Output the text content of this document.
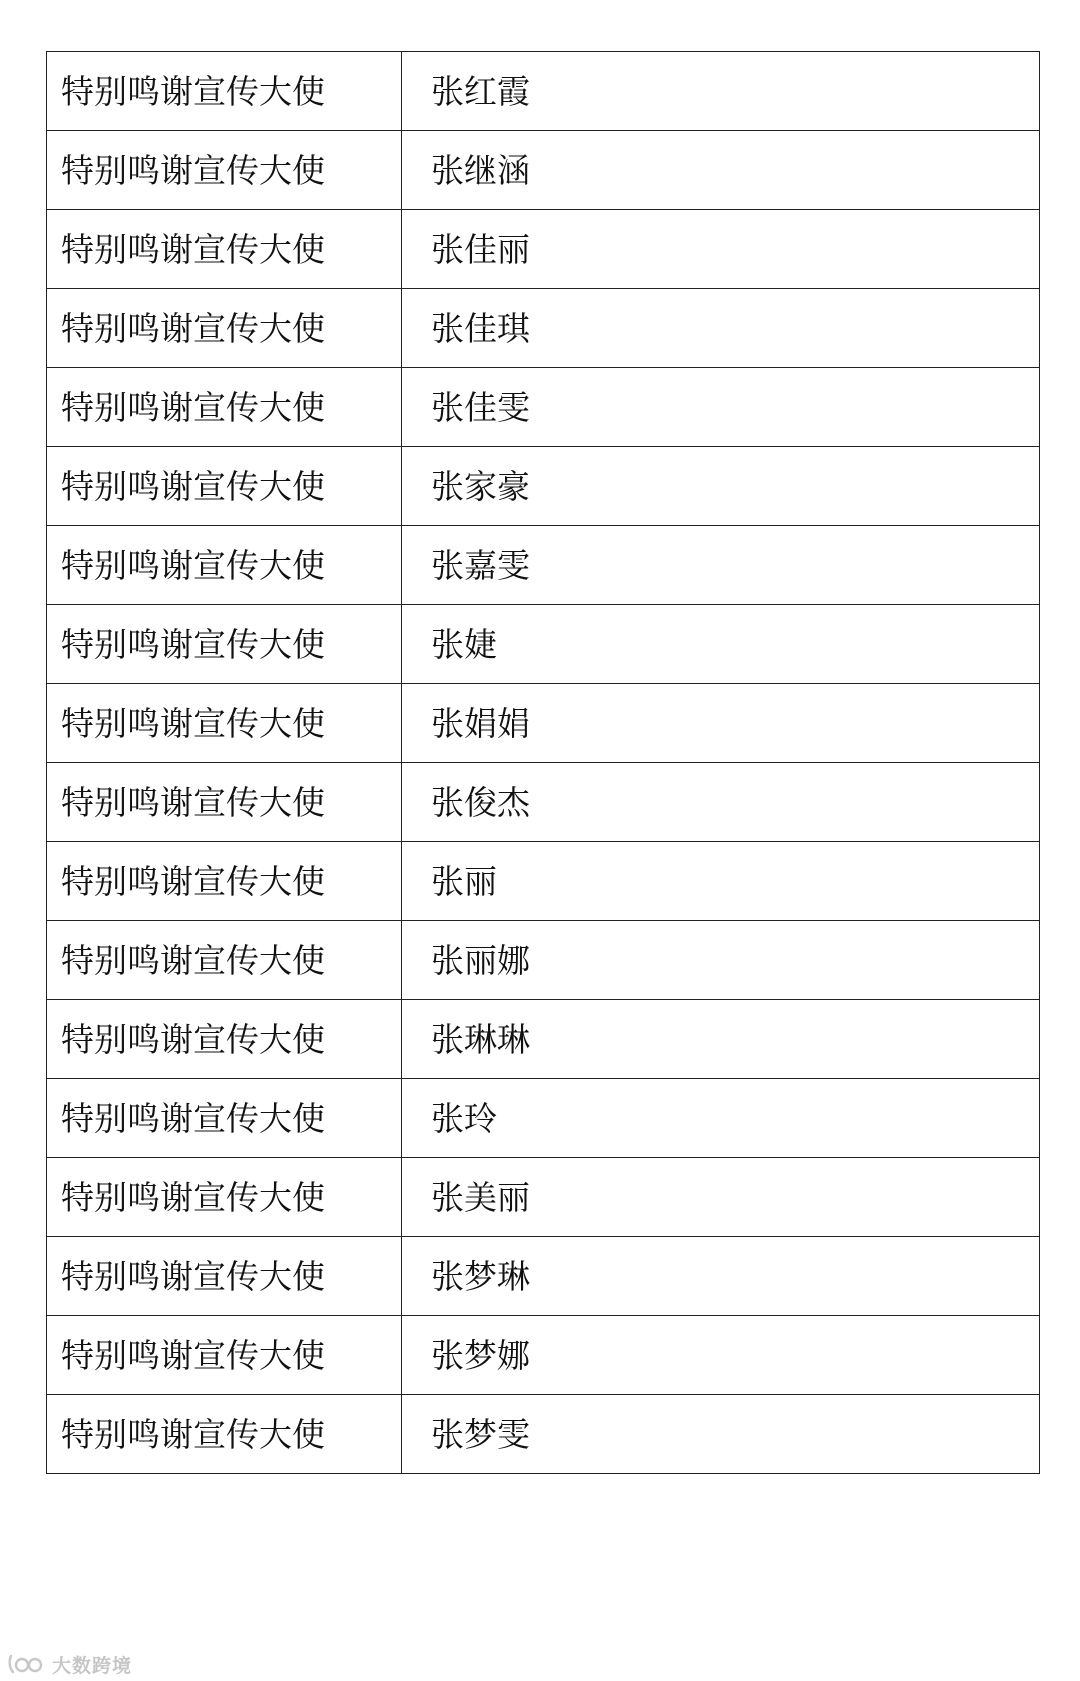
特别鸣谢宣传大使	张红霞
特别鸣谢宣传大使	张继涵
特别鸣谢宣传大使	张佳丽
特别鸣谢宣传大使	张佳琪
特别鸣谢宣传大使	张佳雯
特别鸣谢宣传大使	张家豪
特别鸣谢宣传大使	张嘉雯
特别鸣谢宣传大使	张婕
特别鸣谢宣传大使	张娟娟
特别鸣谢宣传大使	张俊杰
特别鸣谢宣传大使	张丽
特别鸣谢宣传大使	张丽娜
特别鸣谢宣传大使	张琳琳
特别鸣谢宣传大使	张玲
特别鸣谢宣传大使	张美丽
特别鸣谢宣传大使	张梦琳
特别鸣谢宣传大使	张梦娜
特别鸣谢宣传大使	张梦雯
大数跨境
